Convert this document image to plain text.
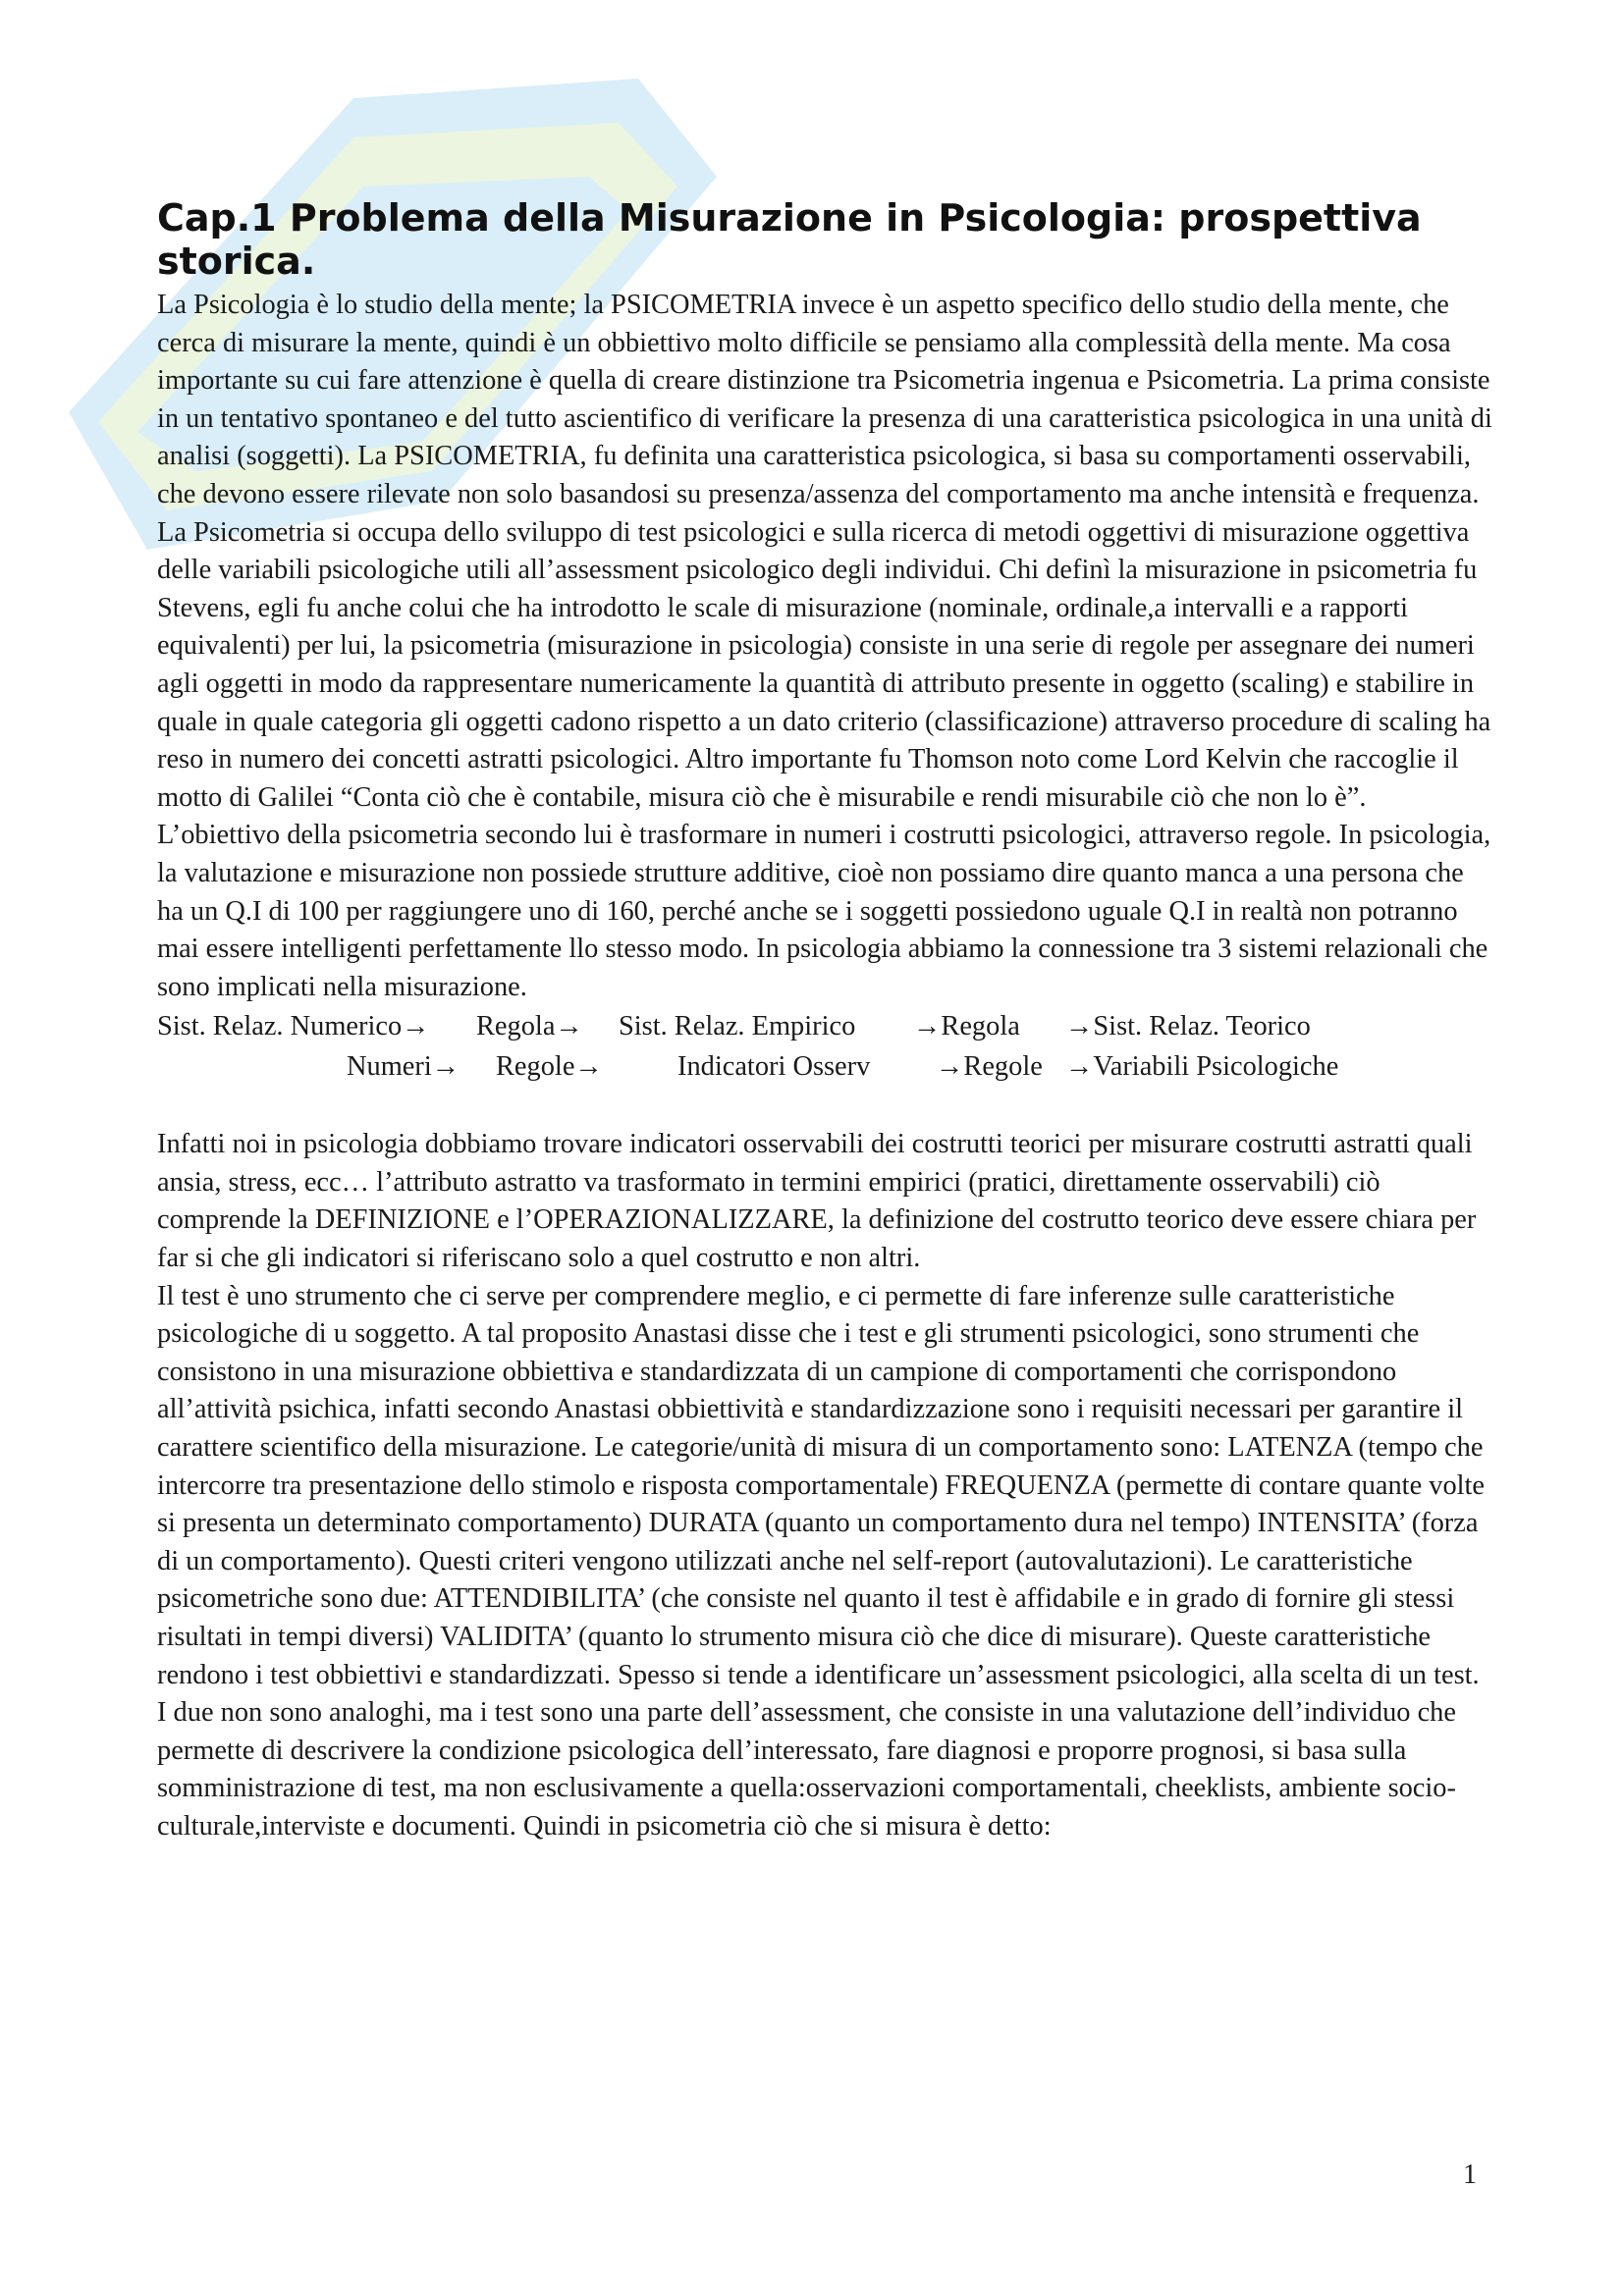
Cap.1 Problema della Misurazione in Psicologia: prospettiva storica.

La Psicologia è lo studio della mente; la PSICOMETRIA invece è un aspetto specifico dello studio della mente, che cerca di misurare la mente, quindi è un obbiettivo molto difficile se pensiamo alla complessità della mente. Ma cosa importante su cui fare attenzione è quella di creare distinzione tra Psicometria ingenua e Psicometria. La prima consiste in un tentativo spontaneo e del tutto ascientifico di verificare la presenza di una caratteristica psicologica in una unità di analisi (soggetti). La PSICOMETRIA, fu definita una caratteristica psicologica, si basa su comportamenti osservabili, che devono essere rilevate non solo basandosi su presenza/assenza del comportamento ma anche intensità e frequenza. La Psicometria si occupa dello sviluppo di test psicologici e sulla ricerca di metodi oggettivi di misurazione oggettiva delle variabili psicologiche utili all’assessment psicologico degli individui. Chi definì la misurazione in psicometria fu Stevens, egli fu anche colui che ha introdotto le scale di misurazione (nominale, ordinale,a intervalli e a rapporti equivalenti) per lui, la psicometria (misurazione in psicologia) consiste in una serie di regole per assegnare dei numeri agli oggetti in modo da rappresentare numericamente la quantità di attributo presente in oggetto (scaling) e stabilire in quale in quale categoria gli oggetti cadono rispetto a un dato criterio (classificazione) attraverso procedure di scaling ha reso in numero dei concetti astratti psicologici. Altro importante fu Thomson noto come Lord Kelvin che raccoglie il motto di Galilei “Conta ciò che è contabile, misura ciò che è misurabile e rendi misurabile ciò che non lo è”. L’obiettivo della psicometria secondo lui è trasformare in numeri i costrutti psicologici, attraverso regole. In psicologia, la valutazione e misurazione non possiede strutture additive, cioè non possiamo dire quanto manca a una persona che ha un Q.I di 100 per raggiungere uno di 160, perché anche se i soggetti possiedono uguale Q.I in realtà non potranno mai essere intelligenti perfettamente llo stesso modo. In psicologia abbiamo la connessione tra 3 sistemi relazionali che sono implicati nella misurazione.

Sist. Relaz. Numerico→	Regola→	Sist. Relaz. Empirico	→Regola	→Sist. Relaz. Teorico
Numeri→	Regole→	Indicatori Osserv	→Regole →Variabili Psicologiche

Infatti noi in psicologia dobbiamo trovare indicatori osservabili dei costrutti teorici per misurare costrutti astratti quali ansia, stress, ecc… l’attributo astratto va trasformato in termini empirici (pratici, direttamente osservabili) ciò comprende la DEFINIZIONE e l’OPERAZIONALIZZARE, la definizione del costrutto teorico deve essere chiara per far si che gli indicatori si riferiscano solo a quel costrutto e non altri.

Il test è uno strumento che ci serve per comprendere meglio, e ci permette di fare inferenze sulle caratteristiche psicologiche di u soggetto. A tal proposito Anastasi disse che i test e gli strumenti psicologici, sono strumenti che consistono in una misurazione obbiettiva e standardizzata di un campione di comportamenti che corrispondono all’attività psichica, infatti secondo Anastasi obbiettività e standardizzazione sono i requisiti necessari per garantire il carattere scientifico della misurazione. Le categorie/unità di misura di un comportamento sono: LATENZA (tempo che intercorre tra presentazione dello stimolo e risposta comportamentale) FREQUENZA (permette di contare quante volte si presenta un determinato comportamento) DURATA (quanto un comportamento dura nel tempo) INTENSITA’ (forza di un comportamento). Questi criteri vengono utilizzati anche nel self-report (autovalutazioni). Le caratteristiche psicometriche sono due: ATTENDIBILITA’ (che consiste nel quanto il test è affidabile e in grado di fornire gli stessi risultati in tempi diversi) VALIDITA’ (quanto lo strumento misura ciò che dice di misurare). Queste caratteristiche rendono i test obbiettivi e standardizzati. Spesso si tende a identificare un’assessment psicologici, alla scelta di un test. I due non sono analoghi, ma i test sono una parte dell’assessment, che consiste in una valutazione dell’individuo che permette di descrivere la condizione psicologica dell’interessato, fare diagnosi e proporre prognosi, si basa sulla somministrazione di test, ma non esclusivamente a quella:osservazioni comportamentali, cheeklists, ambiente socio-culturale,interviste e documenti. Quindi in psicometria ciò che si misura è detto:

1
